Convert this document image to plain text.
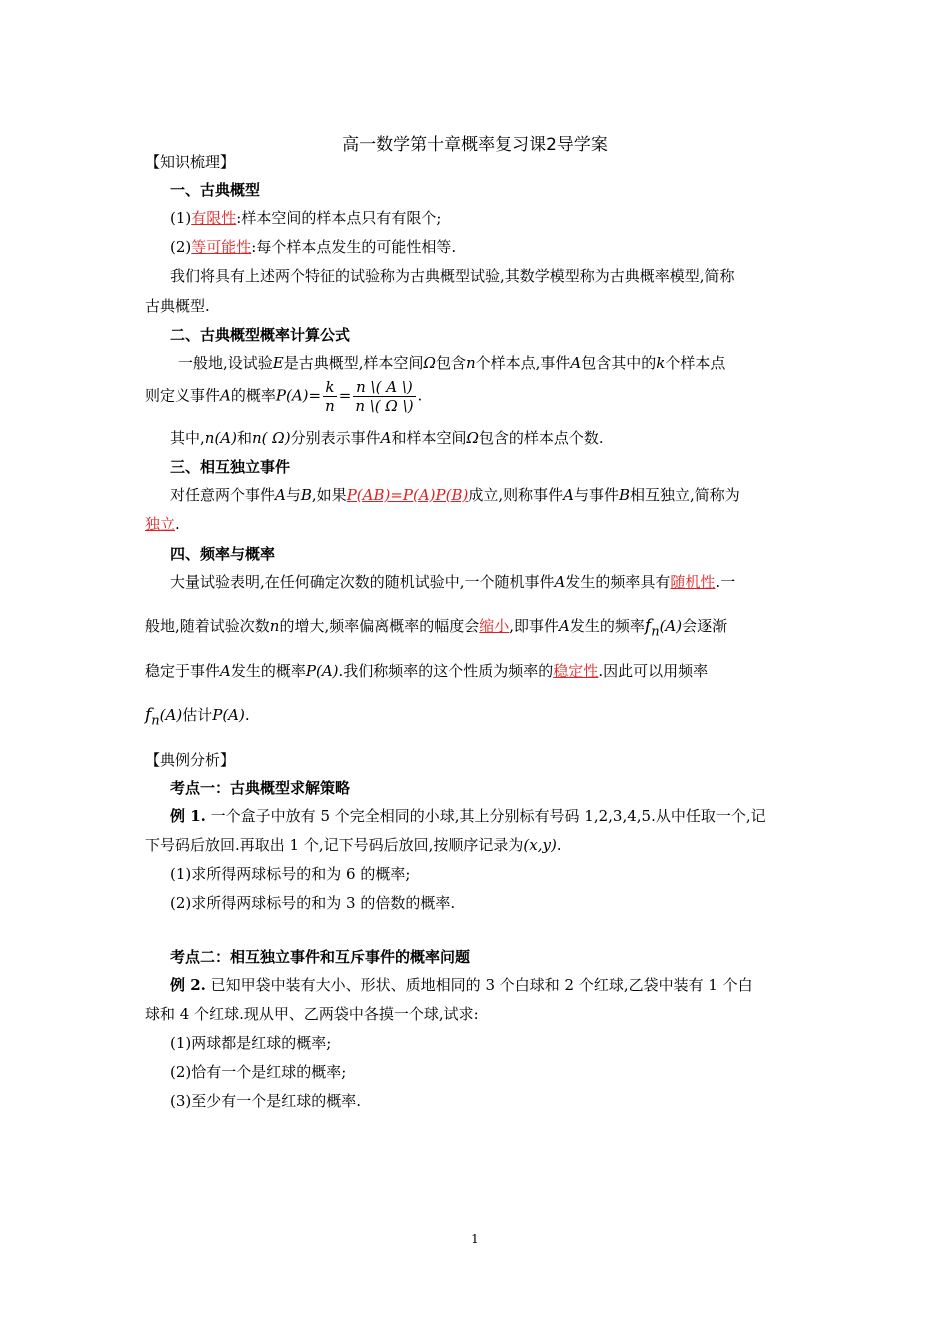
高一数学第十章概率复习课2导学案
【知识梳理】
一、古典概型
(1)有限性:样本空间的样本点只有有限个;
(2)等可能性:每个样本点发生的可能性相等.
我们将具有上述两个特征的试验称为古典概型试验,其数学模型称为古典概率模型,简称
古典概型.
二、古典概型概率计算公式
一般地,设试验E是古典概型,样本空间Ω包含n个样本点,事件A包含其中的k个样本点
则定义事件A的概率$P(A)= \frac{k}{n} = \frac{n \backslash( A \backslash)}{n \backslash( \Omega \backslash)}$ .
其中,n(A)和n( Ω)分别表示事件A和样本空间Ω包含的样本点个数.
三、相互独立事件
对任意两个事件A与B,如果P(AB)=P(A)P(B)成立,则称事件A与事件B相互独立,简称为
独立.
四、频率与概率
大量试验表明,在任何确定次数的随机试验中,一个随机事件A发生的频率具有随机性.一
般地,随着试验次数n的增大,频率偏离概率的幅度会缩小,即事件A发生的频率$f_n(A)$会逐渐
稳定于事件A发生的概率P(A).我们称频率的这个性质为频率的稳定性.因此可以用频率
$f_n(A)$估计P(A).
【典例分析】
考点一：古典概型求解策略
例 1. 一个盒子中放有 5 个完全相同的小球,其上分别标有号码 1,2,3,4,5.从中任取一个,记
下号码后放回.再取出 1 个,记下号码后放回,按顺序记录为(x,y).
(1)求所得两球标号的和为 6 的概率;
(2)求所得两球标号的和为 3 的倍数的概率.
考点二：相互独立事件和互斥事件的概率问题
例 2. 已知甲袋中装有大小、形状、质地相同的 3 个白球和 2 个红球,乙袋中装有 1 个白
球和 4 个红球.现从甲、乙两袋中各摸一个球,试求:
(1)两球都是红球的概率;
(2)恰有一个是红球的概率;
(3)至少有一个是红球的概率.
1
